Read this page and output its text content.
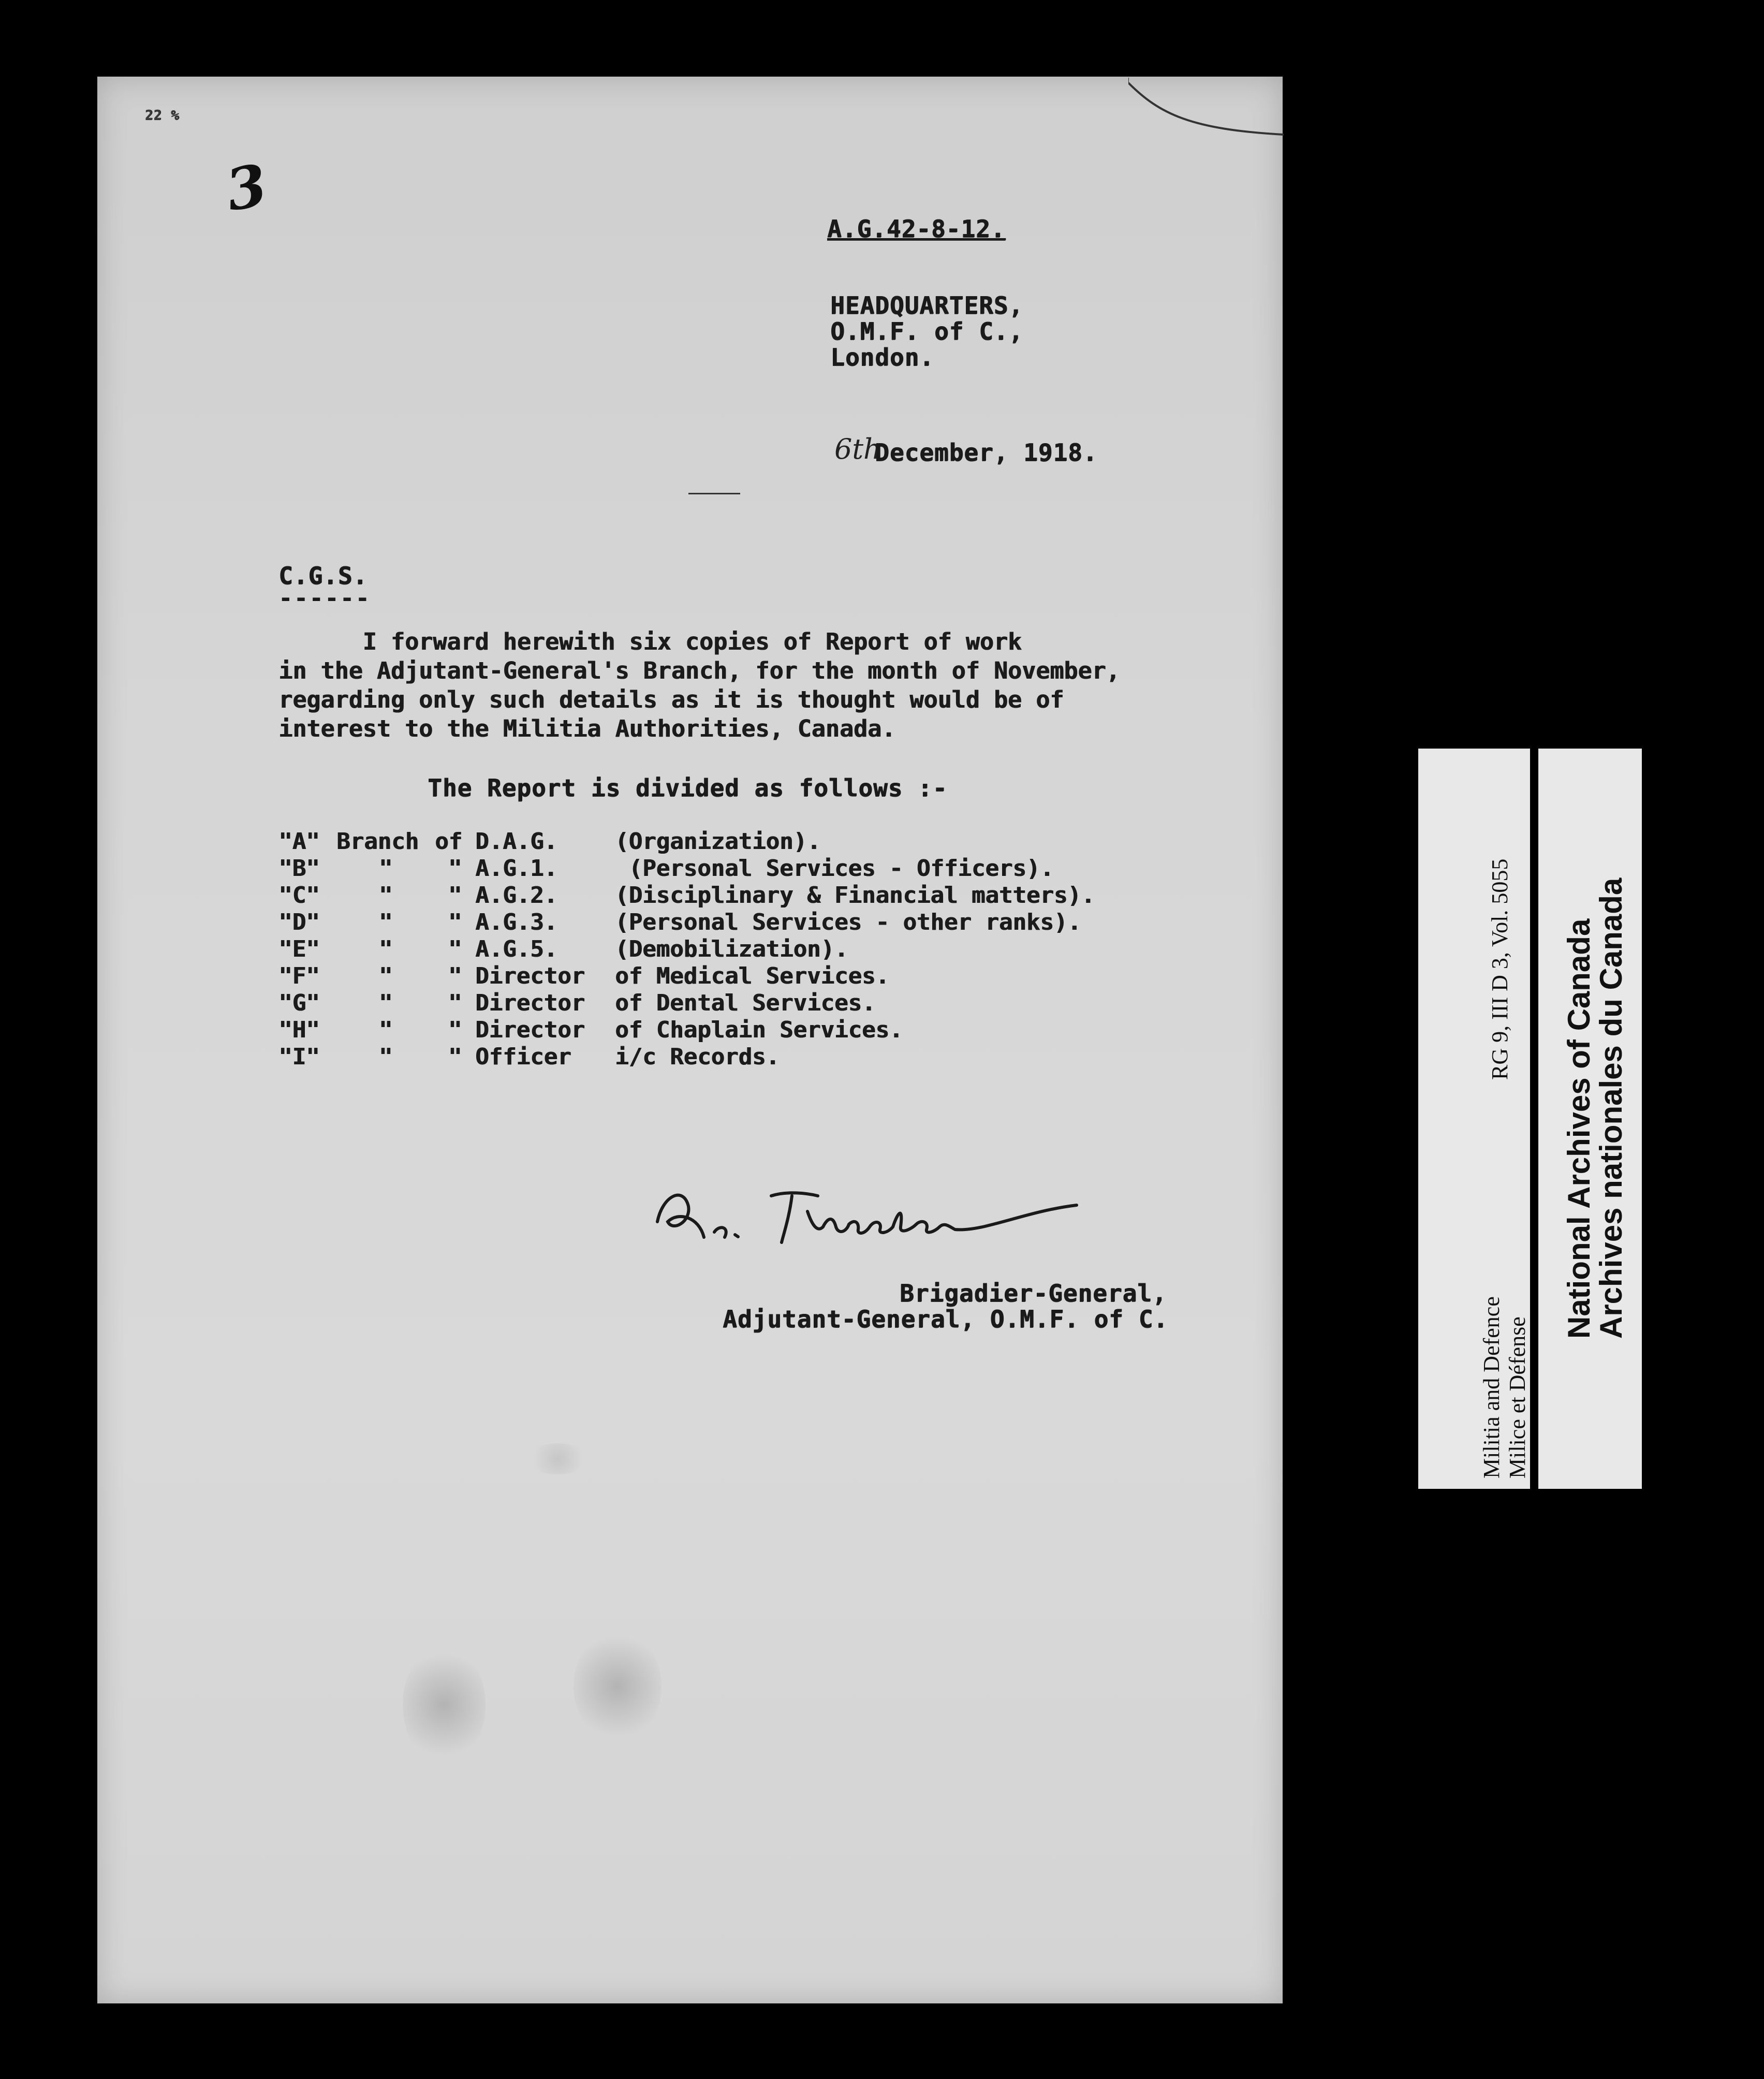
22 %
3
A.G.42-8-12.
HEADQUARTERS,
O.M.F. of C.,
London.
6th
December, 1918.
C.G.S.
------
I forward herewith six copies of Report of work
in the Adjutant-General's Branch, for the month of November,
regarding only such details as it is thought would be of
interest to the Militia Authorities, Canada.
The Report is divided as follows :-
"A" Branch of D.A.G.	(Organization).
"B"	"	" A.G.1.	(Personal Services - Officers).
"C"	"	" A.G.2.	(Disciplinary & Financial matters).
"D"	"	" A.G.3.	(Personal Services - other ranks).
"E"	"	" A.G.5.	(Demobilization).
"F"	"	" Director	of Medical Services.
"G"	"	" Director	of Dental Services.
"H"	"	" Director	of Chaplain Services.
"I"	"	" Officer	i/c Records.
Brigadier-General,
Adjutant-General, O.M.F. of C.	Militia and Defence Milice et Défense
RG 9, III D 3, Vol. 5055 National Archives of Canada
Archives nationales du Canada
